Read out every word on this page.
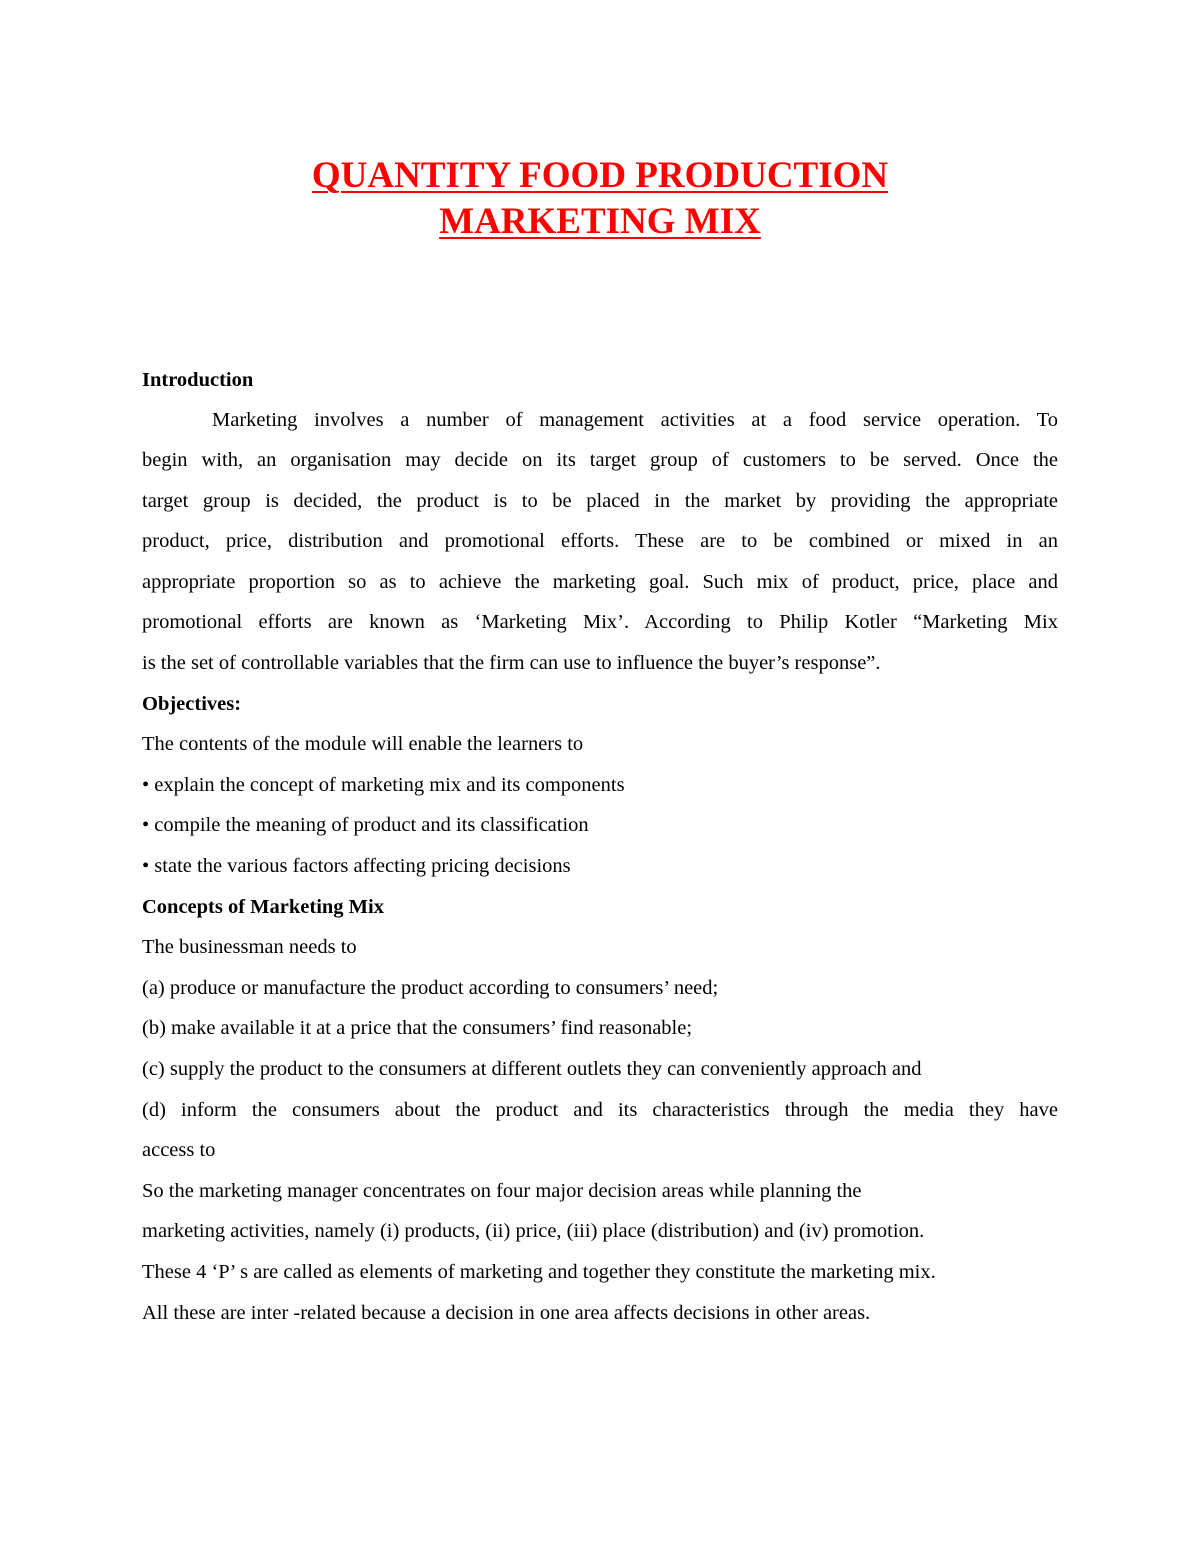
QUANTITY FOOD PRODUCTION
MARKETING MIX
Introduction
Marketing involves a number of management activities at a food service operation. To
begin with, an organisation may decide on its target group of customers to be served. Once the
target group is decided, the product is to be placed in the market by providing the appropriate
product, price, distribution and promotional efforts. These are to be combined or mixed in an
appropriate proportion so as to achieve the marketing goal. Such mix of product, price, place and
promotional efforts are known as ‘Marketing Mix’. According to Philip Kotler “Marketing Mix
is the set of controllable variables that the firm can use to influence the buyer’s response”.
Objectives:
The contents of the module will enable the learners to
• explain the concept of marketing mix and its components
• compile the meaning of product and its classification
• state the various factors affecting pricing decisions
Concepts of Marketing Mix
The businessman needs to
(a) produce or manufacture the product according to consumers’ need;
(b) make available it at a price that the consumers’ find reasonable;
(c) supply the product to the consumers at different outlets they can conveniently approach and
(d) inform the consumers about the product and its characteristics through the media they have
access to
So the marketing manager concentrates on four major decision areas while planning the
marketing activities, namely (i) products, (ii) price, (iii) place (distribution) and (iv) promotion.
These 4 ‘P’ s are called as elements of marketing and together they constitute the marketing mix.
All these are inter -related because a decision in one area affects decisions in other areas.
